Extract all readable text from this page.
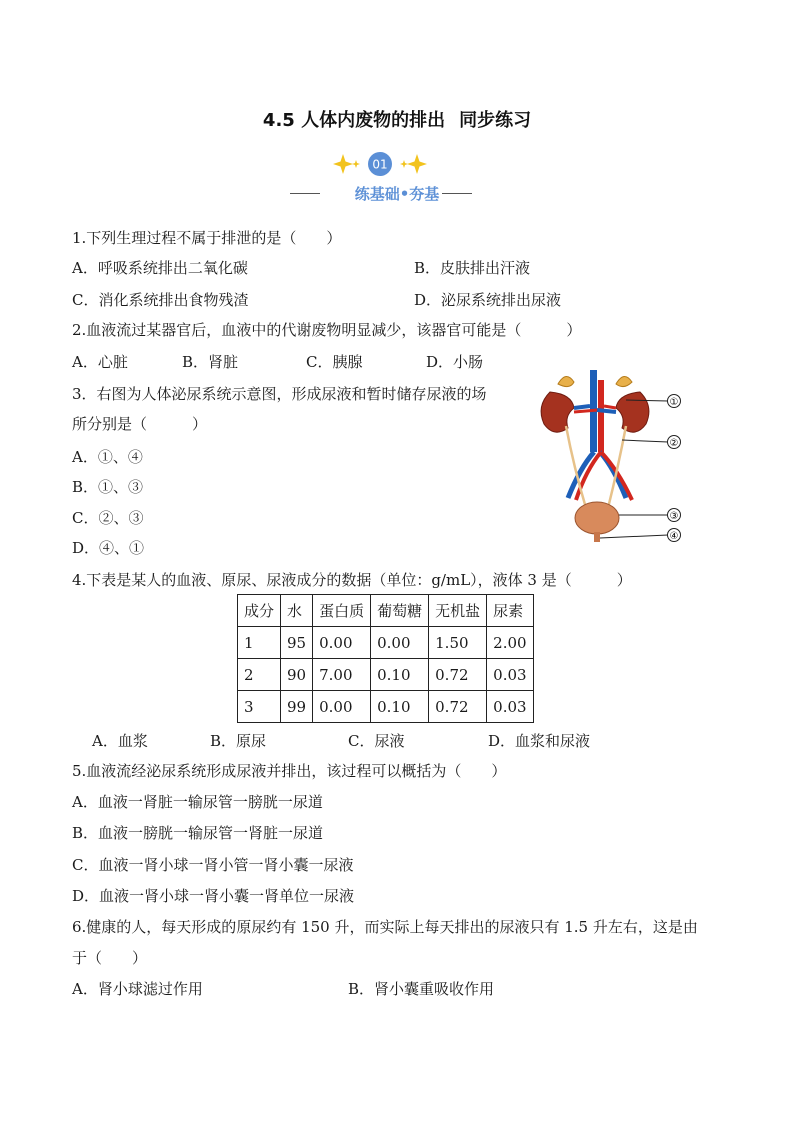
4.5 人体内废物的排出 同步练习
01
练基础•夯基
1.下列生理过程不属于排泄的是（　　）
A．呼吸系统排出二氧化碳	B．皮肤排出汗液
C．消化系统排出食物残渣	D．泌尿系统排出尿液
2.血液流过某器官后，血液中的代谢废物明显减少，该器官可能是（　　　）
A．心脏	B．肾脏	C．胰腺	D．小肠
3．右图为人体泌尿系统示意图，形成尿液和暂时储存尿液的场
所分别是（　　　）
A．①、④
B．①、③
C．②、③
D．④、①
①
②
③
④
4.下表是某人的血液、原尿、尿液成分的数据（单位：g/mL），液体 3 是（　　　）
成分	水	蛋白质	葡萄糖	无机盐	尿素
1	95	0.00	0.00	1.50	2.00
2	90	7.00	0.10	0.72	0.03
3	99	0.00	0.10	0.72	0.03
A．血浆	B．原尿	C．尿液	D．血浆和尿液
5.血液流经泌尿系统形成尿液并排出，该过程可以概括为（　　）
A．血液一肾脏一输尿管一膀胱一尿道
B．血液一膀胱一输尿管一肾脏一尿道
C．血液一肾小球一肾小管一肾小囊一尿液
D．血液一肾小球一肾小囊一肾单位一尿液
6.健康的人，每天形成的原尿约有 150 升，而实际上每天排出的尿液只有 1.5 升左右，这是由
于（　　）
A．肾小球滤过作用	B．肾小囊重吸收作用
